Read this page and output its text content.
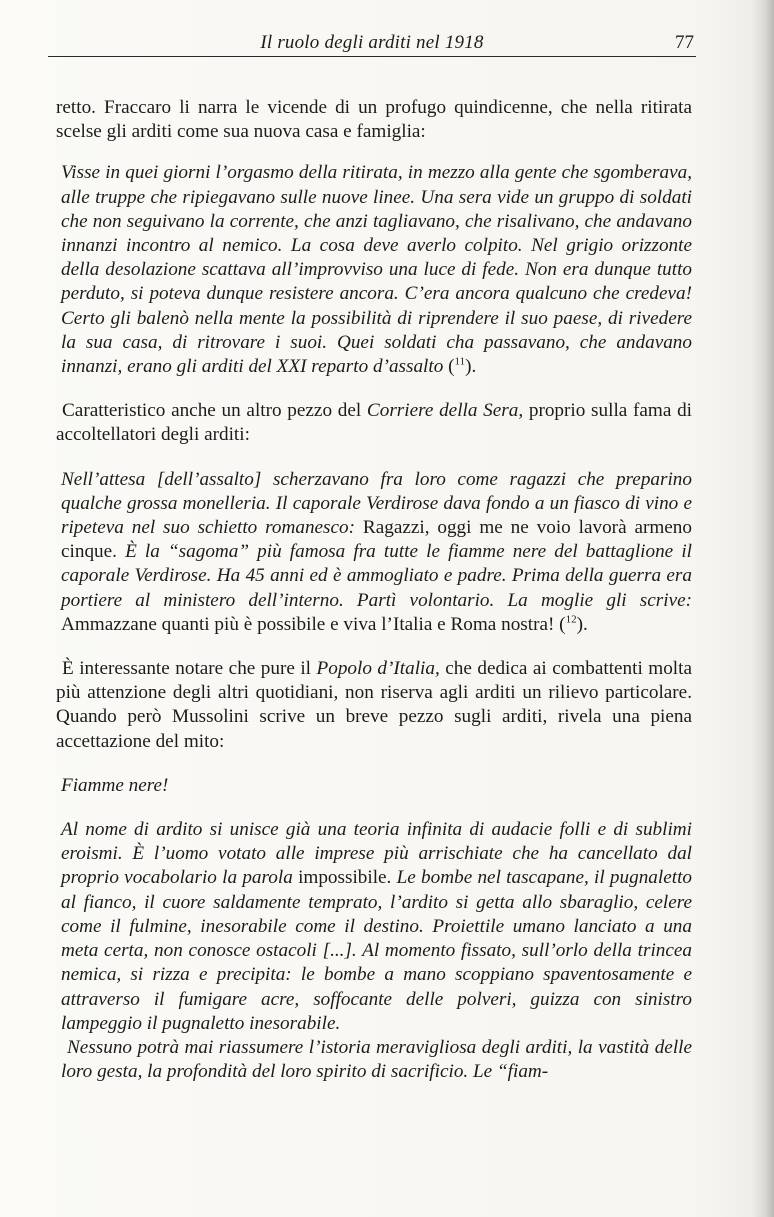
Il ruolo degli arditi nel 1918	77

retto. Fraccaro li narra le vicende di un profugo quindicenne, che nella ritirata scelse gli arditi come sua nuova casa e famiglia:

Visse in quei giorni l’orgasmo della ritirata, in mezzo alla gente che sgomberava, alle truppe che ripiegavano sulle nuove linee. Una sera vide un gruppo di soldati che non seguivano la corrente, che anzi tagliavano, che risalivano, che andavano innanzi incontro al nemico. La cosa deve averlo colpito. Nel grigio orizzonte della desolazione scattava all’improvviso una luce di fede. Non era dunque tutto perduto, si poteva dunque resistere ancora. C’era ancora qualcuno che credeva! Certo gli balenò nella mente la possibilità di riprendere il suo paese, di rivedere la sua casa, di ritrovare i suoi. Quei soldati cha passavano, che andavano innanzi, erano gli arditi del XXI reparto d’assalto ($^{11}$).

Caratteristico anche un altro pezzo del Corriere della Sera, proprio sulla fama di accoltellatori degli arditi:

Nell’attesa [dell’assalto] scherzavano fra loro come ragazzi che preparino qualche grossa monelleria. Il caporale Verdirose dava fondo a un fiasco di vino e ripeteva nel suo schietto romanesco: Ragazzi, oggi me ne voio lavorà armeno cinque. È la “sagoma” più famosa fra tutte le fiamme nere del battaglione il caporale Verdirose. Ha 45 anni ed è ammogliato e padre. Prima della guerra era portiere al ministero dell’interno. Partì volontario. La moglie gli scrive: Ammazzane quanti più è possibile e viva l’Italia e Roma nostra! ($^{12}$).

È interessante notare che pure il Popolo d’Italia, che dedica ai combattenti molta più attenzione degli altri quotidiani, non riserva agli arditi un rilievo particolare. Quando però Mussolini scrive un breve pezzo sugli arditi, rivela una piena accettazione del mito:

Fiamme nere!

Al nome di ardito si unisce già una teoria infinita di audacie folli e di sublimi eroismi. È l’uomo votato alle imprese più arrischiate che ha cancellato dal proprio vocabolario la parola impossibile. Le bombe nel tascapane, il pugnaletto al fianco, il cuore saldamente temprato, l’ardito si getta allo sbaraglio, celere come il fulmine, inesorabile come il destino. Proiettile umano lanciato a una meta certa, non conosce ostacoli [...]. Al momento fissato, sull’orlo della trincea nemica, si rizza e precipita: le bombe a mano scoppiano spaventosamente e attraverso il fumigare acre, soffocante delle polveri, guizza con sinistro lampeggio il pugnaletto inesorabile.

Nessuno potrà mai riassumere l’istoria meravigliosa degli arditi, la vastità delle loro gesta, la profondità del loro spirito di sacrificio. Le “fiam-
